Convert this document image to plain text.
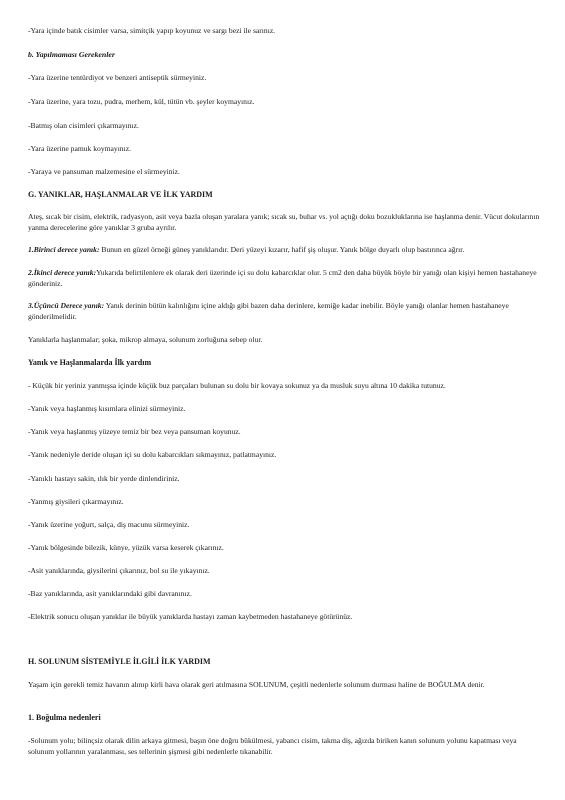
-Yara içinde batık cisimler varsa, simitçik yapıp koyunuz ve sargı bezi ile sarınız.
b. Yapılmaması Gerekenler
-Yara üzerine tentürdiyot ve benzeri antiseptik sürmeyiniz.
-Yara üzerine, yara tozu, pudra, merhem, kül, tütün vb. şeyler koymayınız.
-Batmış olan cisimleri çıkarmayınız.
-Yara üzerine pamuk koymayınız.
-Yaraya ve pansuman malzemesine el sürmeyiniz.
G. YANIKLAR, HAŞLANMALAR VE İLK YARDIM
Ateş, sıcak bir cisim, elektrik, radyasyon, asit veya bazla oluşan yaralara yanık; sıcak su, buhar vs. yol açtığı doku bozukluklarına ise haşlanma denir. Vücut dokularının yanma derecelerine göre yanıklar 3 gruba ayrılır.
1.Birinci derece yanık: Bunun en güzel örneği güneş yanıklarıdır. Deri yüzeyi kızarır, hafif şiş oluşur. Yanık bölge duyarlı olup bastırınca ağrır.
2.İkinci derece yanık:Yukarıda belirtilenlere ek olarak deri üzerinde içi su dolu kabarcıklar olur. 5 cm2 den daha büyük böyle bir yanığı olan kişiyi hemen hastahaneye gönderiniz.
3.Üçüncü Derece yanık: Yanık derinin bütün kalınlığını içine aldığı gibi bazen daha derinlere, kemiğe kadar inebilir. Böyle yanığı olanlar hemen hastahaneye gönderilmelidir.
Yanıklarla haşlanmalar; şoka, mikrop almaya, solunum zorluğuna sebep olur.
Yanık ve Haşlanmalarda İlk yardım
- Küçük bir yeriniz yanmışsa içinde küçük buz parçaları bulunan su dolu bir kovaya sokunuz ya da musluk suyu altına 10 dakika tutunuz.
-Yanık veya haşlanmış kısımlara elinizi sürmeyiniz.
-Yanık veya haşlanmış yüzeye temiz bir bez veya pansuman koyunuz.
-Yanık nedeniyle deride oluşan içi su dolu kabarcıkları sıkmayınız, patlatmayınız.
-Yanıklı hastayı sakin, ılık bir yerde dinlendiriniz.
-Yanmış giysileri çıkarmayınız.
-Yanık üzerine yoğurt, salça, diş macunu sürmeyiniz.
-Yanık bölgesinde bilezik, künye, yüzük varsa keserek çıkarınız.
-Asit yanıklarında, giysilerini çıkarınız, bol su ile yıkayınız.
-Baz yanıklarında, asit yanıklarındaki gibi davranınız.
-Elektrik sonucu oluşan yanıklar ile büyük yanıklarda hastayı zaman kaybetmeden hastahaneye götürünüz.
H. SOLUNUM SİSTEMİYLE İLGİLİ İLK YARDIM
Yaşam için gerekli temiz havanın alınıp kirli hava olarak geri atılmasına SOLUNUM, çeşitli nedenlerle solunum durması haline de BOĞULMA denir.
1. Boğulma nedenleri
-Solunum yolu; bilinçsiz olarak dilin arkaya gitmesi, başın öne doğru bükülmesi, yabancı cisim, takma diş, ağızda biriken kanın solunum yolunu kapatması veya solunum yollarının yaralanması, ses tellerinin şişmesi gibi nedenlerle tıkanabilir.
